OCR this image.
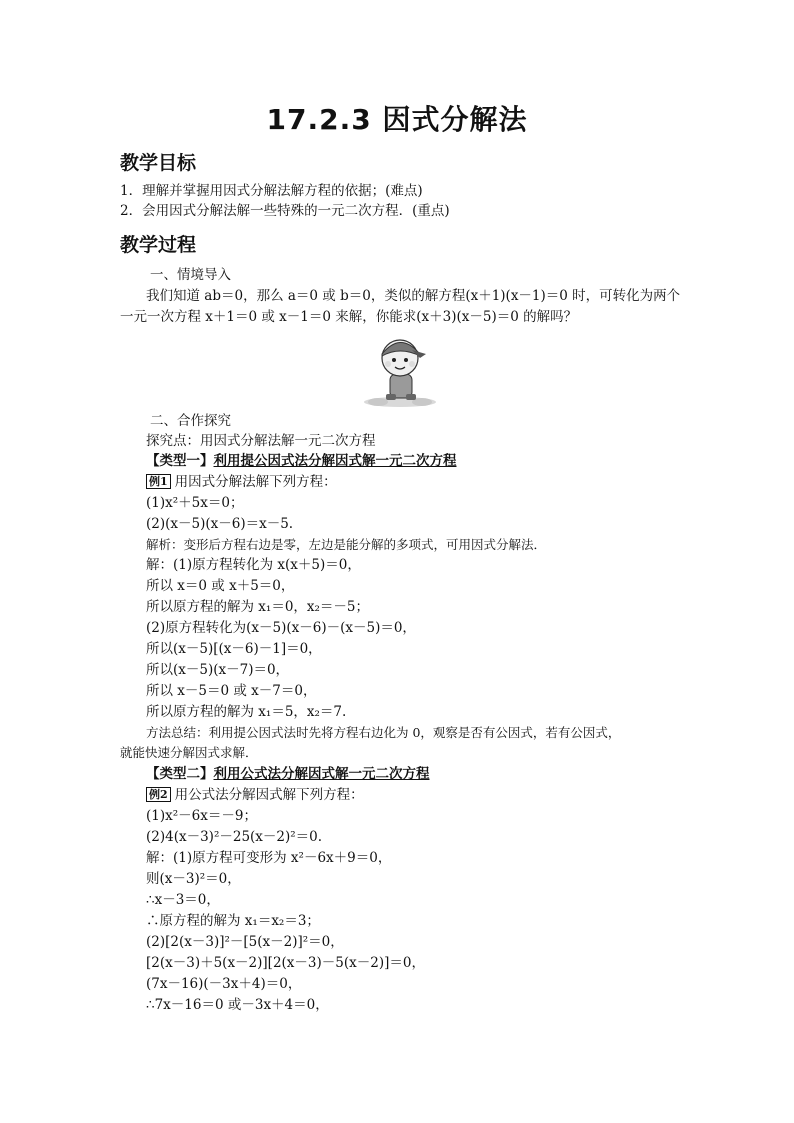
17.2.3 因式分解法
教学目标
1．理解并掌握用因式分解法解方程的依据；(难点)
2．会用因式分解法解一些特殊的一元二次方程．(重点)
教学过程
一、情境导入
我们知道 ab＝0，那么 a＝0 或 b＝0，类似的解方程(x＋1)(x－1)＝0 时，可转化为两个
一元一次方程 x＋1＝0 或 x－1＝0 来解，你能求(x＋3)(x－5)＝0 的解吗？
二、合作探究
探究点：用因式分解法解一元二次方程
【类型一】利用提公因式法分解因式解一元二次方程
例1 用因式分解法解下列方程：
(1)x²＋5x＝0；
(2)(x－5)(x－6)＝x－5.
解析：变形后方程右边是零，左边是能分解的多项式，可用因式分解法．
解：(1)原方程转化为 x(x＋5)＝0，
所以 x＝0 或 x＋5＝0，
所以原方程的解为 x₁＝0，x₂＝－5；
(2)原方程转化为(x－5)(x－6)－(x－5)＝0，
所以(x－5)[(x－6)－1]＝0，
所以(x－5)(x－7)＝0，
所以 x－5＝0 或 x－7＝0，
所以原方程的解为 x₁＝5，x₂＝7.
方法总结：利用提公因式法时先将方程右边化为 0，观察是否有公因式，若有公因式，
就能快速分解因式求解．
【类型二】利用公式法分解因式解一元二次方程
例2 用公式法分解因式解下列方程：
(1)x²－6x＝－9；
(2)4(x－3)²－25(x－2)²＝0.
解：(1)原方程可变形为 x²－6x＋9＝0，
则(x－3)²＝0，
∴x－3＝0，
∴原方程的解为 x₁＝x₂＝3；
(2)[2(x－3)]²－[5(x－2)]²＝0，
[2(x－3)＋5(x－2)][2(x－3)－5(x－2)]＝0，
(7x－16)(－3x＋4)＝0，
∴7x－16＝0 或－3x＋4＝0，
